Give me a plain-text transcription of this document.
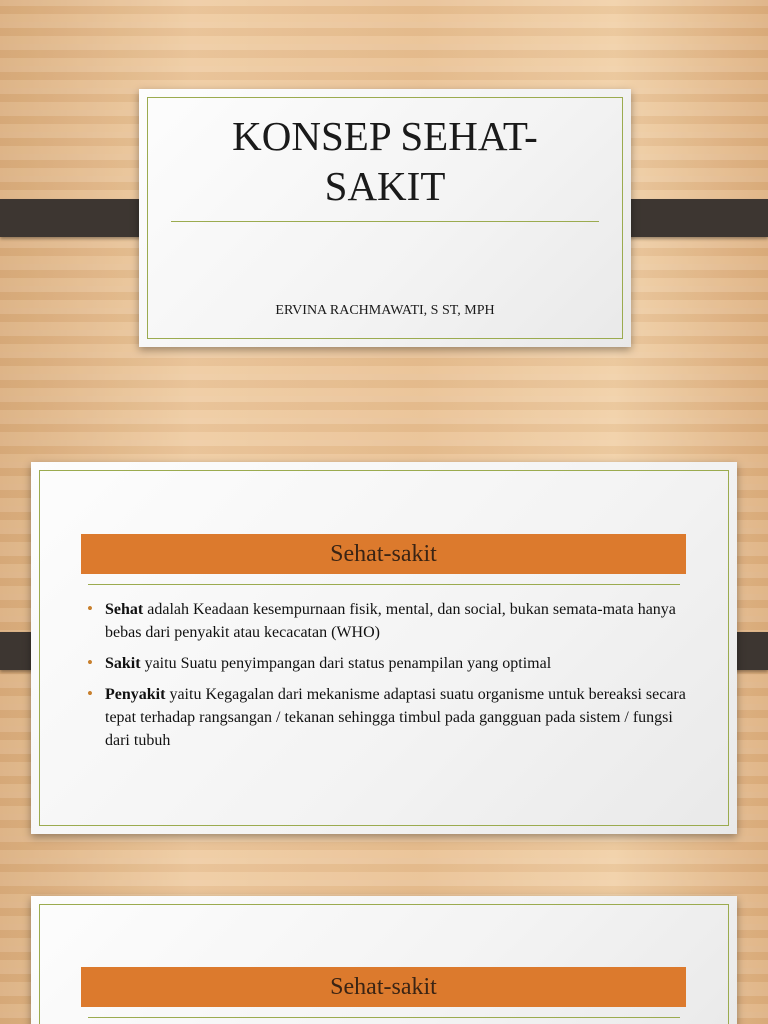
KONSEP SEHAT-
SAKIT
ERVINA RACHMAWATI, S ST, MPH
Sehat-sakit
• Sehat adalah Keadaan kesempurnaan fisik, mental, dan social, bukan semata-mata hanya bebas dari penyakit atau kecacatan (WHO)
• Sakit yaitu Suatu penyimpangan dari status penampilan yang optimal
• Penyakit yaitu Kegagalan dari mekanisme adaptasi suatu organisme untuk bereaksi secara tepat terhadap rangsangan / tekanan sehingga timbul pada gangguan pada sistem / fungsi dari tubuh
Sehat-sakit
